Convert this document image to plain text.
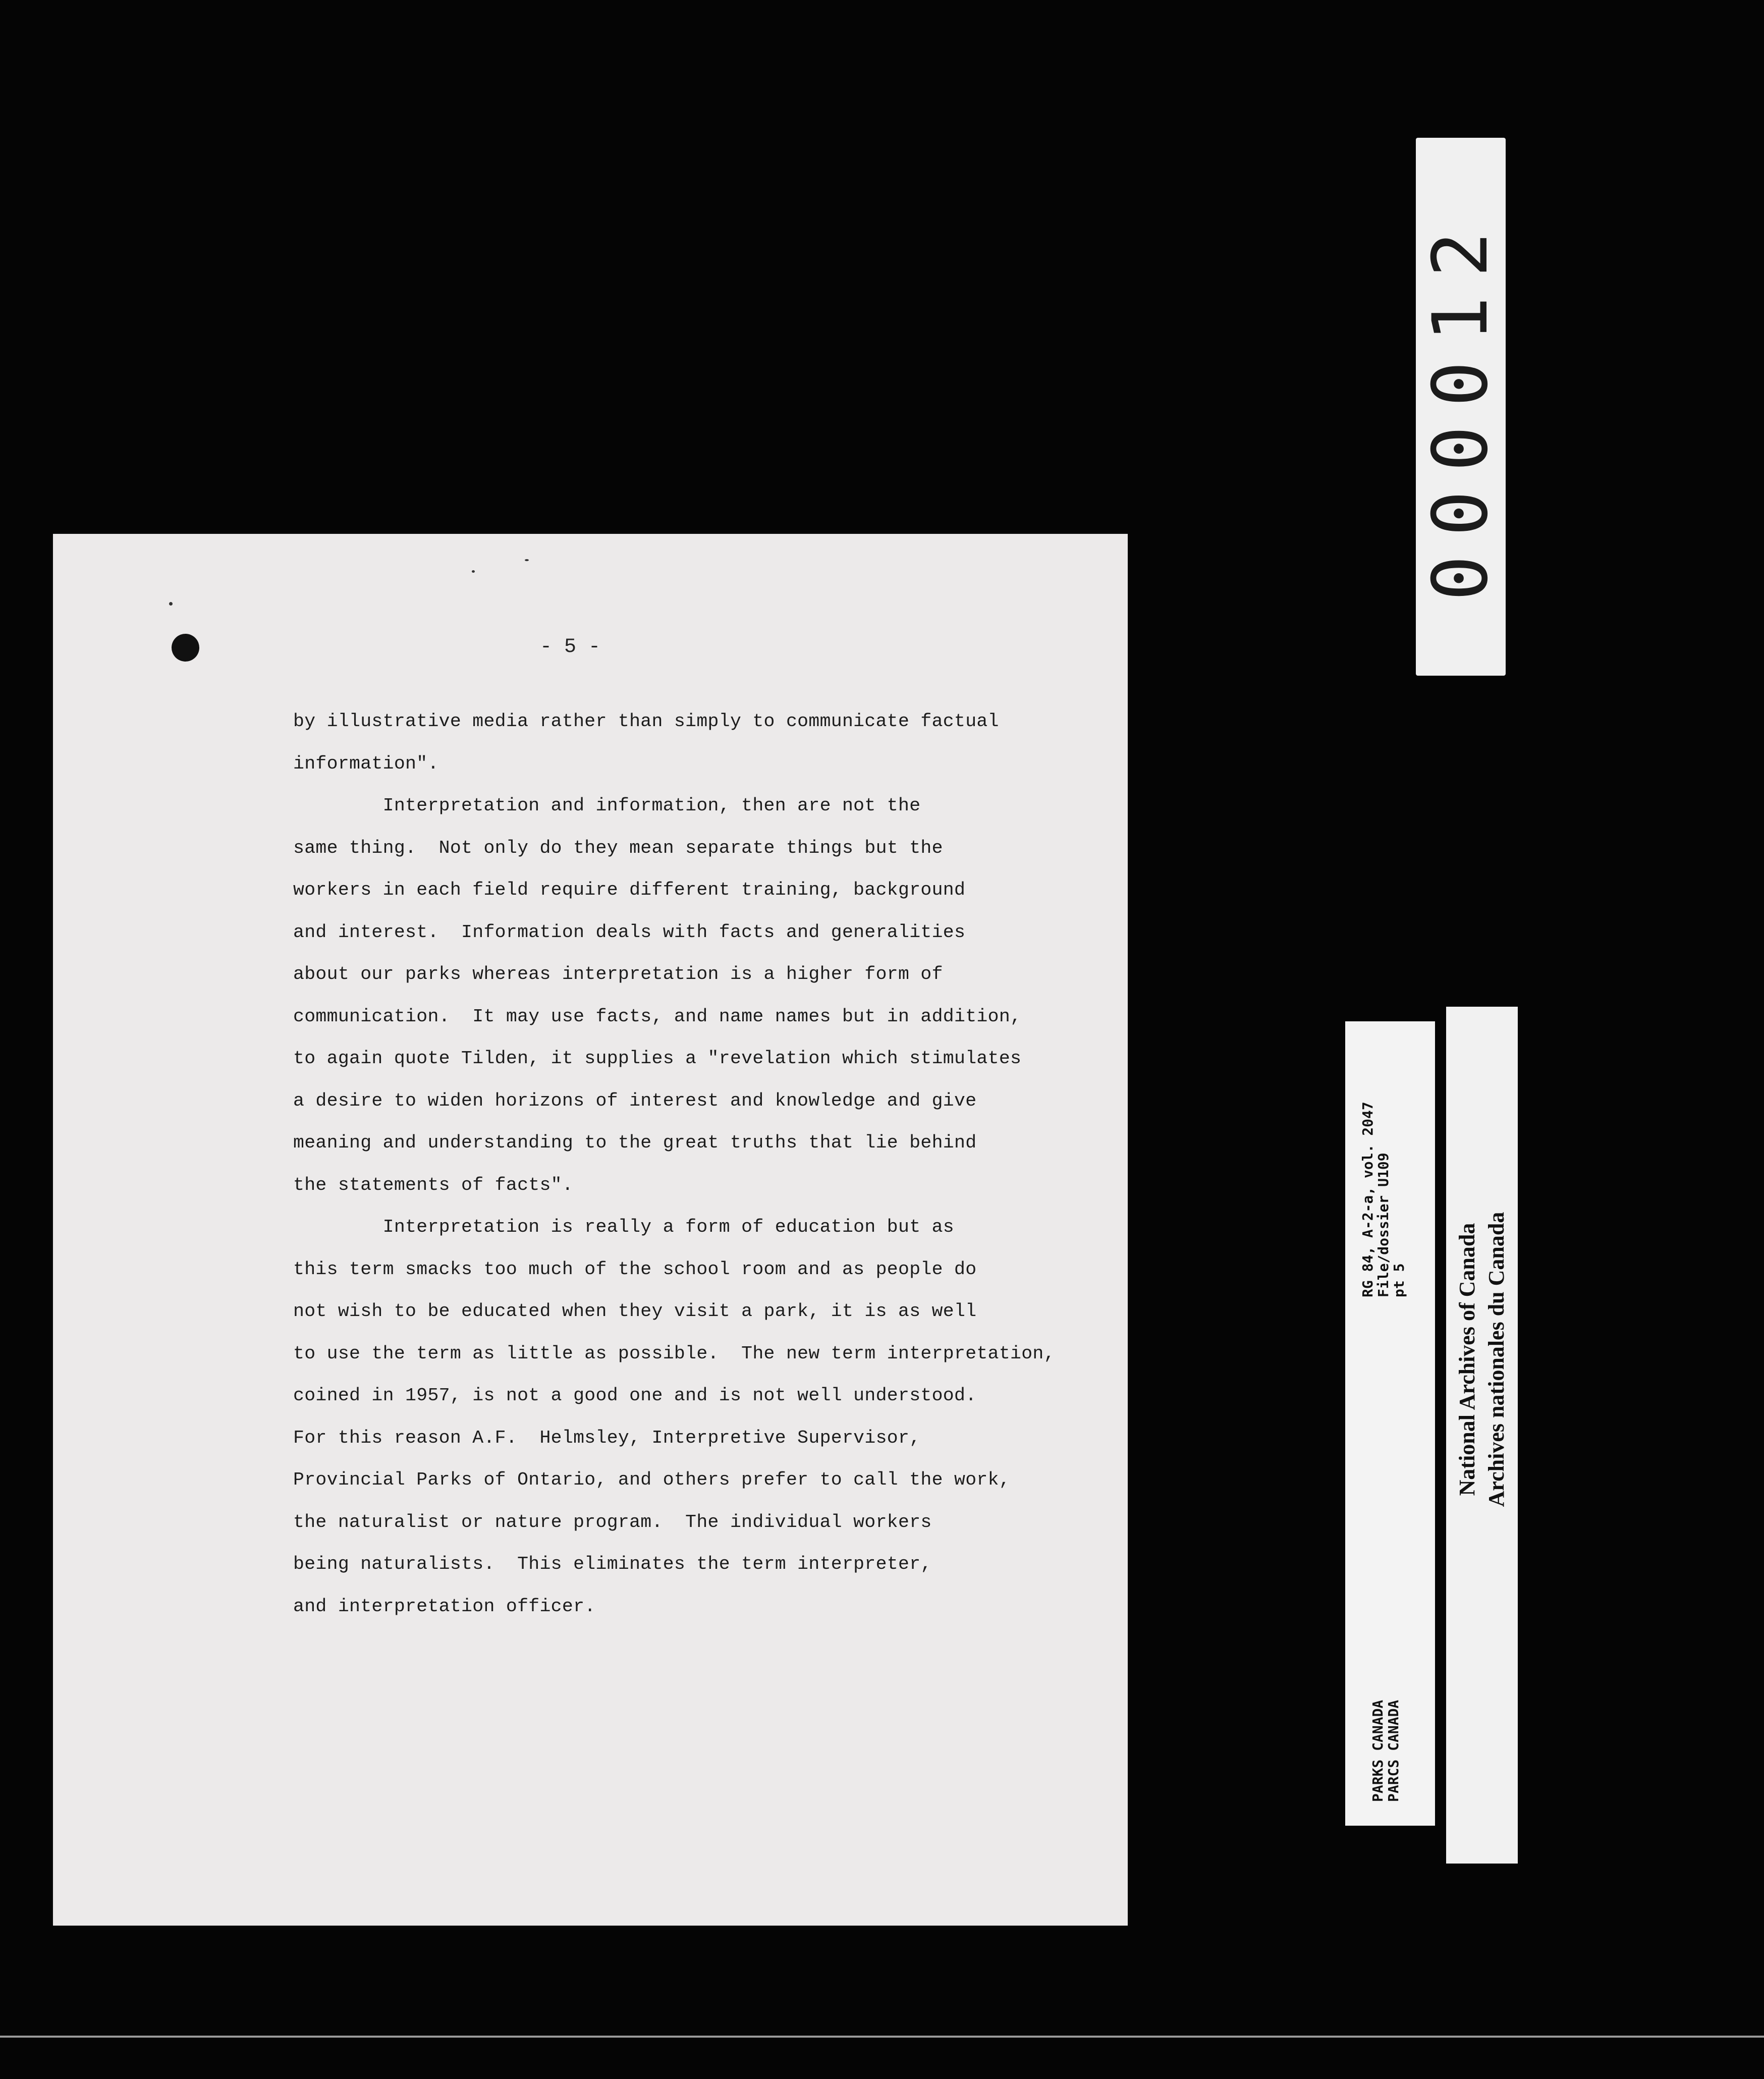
- 5 -
by illustrative media rather than simply to communicate factual
information".
Interpretation and information, then are not the
same thing.  Not only do they mean separate things but the
workers in each field require different training, background
and interest.  Information deals with facts and generalities
about our parks whereas interpretation is a higher form of
communication.  It may use facts, and name names but in addition,
to again quote Tilden, it supplies a "revelation which stimulates
a desire to widen horizons of interest and knowledge and give
meaning and understanding to the great truths that lie behind
the statements of facts".
Interpretation is really a form of education but as
this term smacks too much of the school room and as people do
not wish to be educated when they visit a park, it is as well
to use the term as little as possible.  The new term interpretation,
coined in 1957, is not a good one and is not well understood.
For this reason A.F.  Helmsley, Interpretive Supervisor,
Provincial Parks of Ontario, and others prefer to call the work,
the naturalist or nature program.  The individual workers
being naturalists.  This eliminates the term interpreter,
and interpretation officer.
000012
PARKS CANADA
PARCS CANADA
RG 84, A-2-a, vol. 2047
File/dossier U109
pt 5 National Archives of Canada Archives nationales du Canada
